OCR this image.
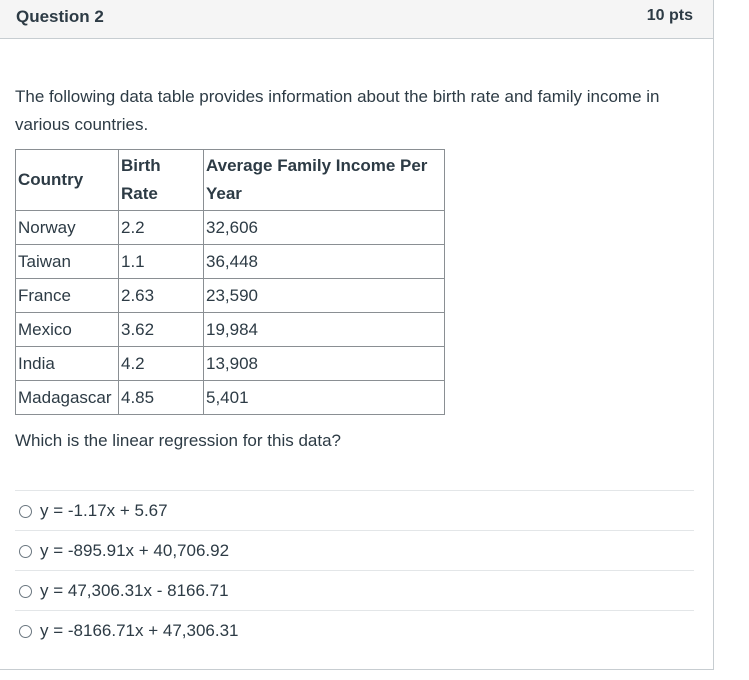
Question 2	10 pts
The following data table provides information about the birth rate and family income in various countries.
Country	Birth Rate	Average Family Income Per Year
Norway	2.2	32,606
Taiwan	1.1	36,448
France	2.63	23,590
Mexico	3.62	19,984
India	4.2	13,908
Madagascar	4.85	5,401
Which is the linear regression for this data?
y = -1.17x + 5.67
y = -895.91x + 40,706.92
y = 47,306.31x - 8166.71
y = -8166.71x + 47,306.31
